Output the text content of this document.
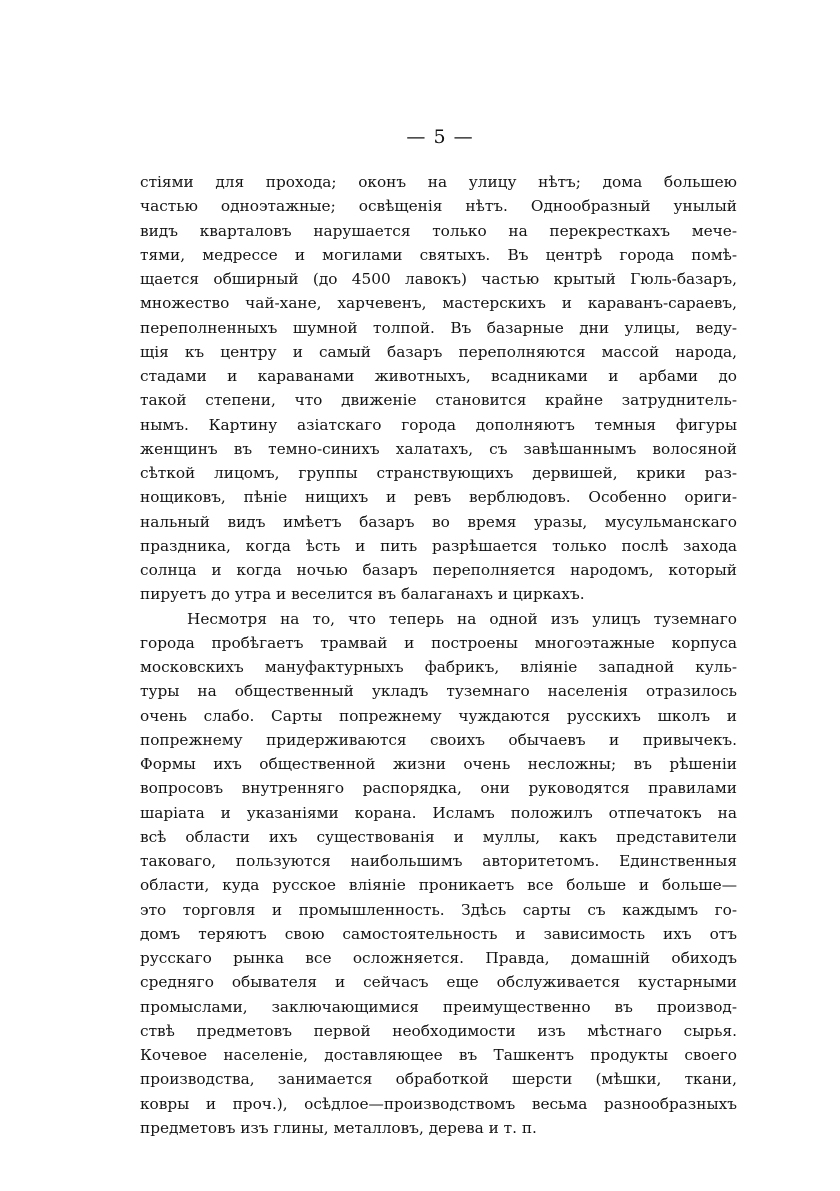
— 5 —
стіями для прохода; оконъ на улицу нѣтъ; дома большею
частью одноэтажные; освѣщенія нѣтъ. Однообразный унылый
видъ кварталовъ нарушается только на перекресткахъ мече-
тями, медрессе и могилами святыхъ. Въ центрѣ города помѣ-
щается обширный (до 4500 лавокъ) частью крытый Гюль-базаръ,
множество чай-хане, харчевенъ, мастерскихъ и караванъ-сараевъ,
переполненныхъ шумной толпой. Въ базарные дни улицы, веду-
щія къ центру и самый базаръ переполняются массой народа,
стадами и караванами животныхъ, всадниками и арбами до
такой степени, что движеніе становится крайне затруднитель-
нымъ. Картину азіатскаго города дополняютъ темныя фигуры
женщинъ въ темно-синихъ халатахъ, съ завѣшаннымъ волосяной
сѣткой лицомъ, группы странствующихъ дервишей, крики раз-
нощиковъ, пѣніе нищихъ и ревъ верблюдовъ. Особенно ориги-
нальный видъ имѣетъ базаръ во время уразы, мусульманскаго
праздника, когда ѣсть и пить разрѣшается только послѣ захода
солнца и когда ночью базаръ переполняется народомъ, который
пируетъ до утра и веселится въ балаганахъ и циркахъ.
Несмотря на то, что теперь на одной изъ улицъ туземнаго
города пробѣгаетъ трамвай и построены многоэтажные корпуса
московскихъ мануфактурныхъ фабрикъ, вліяніе западной куль-
туры на общественный укладъ туземнаго населенія отразилось
очень слабо. Сарты попрежнему чуждаются русскихъ школъ и
попрежнему придерживаются своихъ обычаевъ и привычекъ.
Формы ихъ общественной жизни очень несложны; въ рѣшеніи
вопросовъ внутренняго распорядка, они руководятся правилами
шаріата и указаніями корана. Исламъ положилъ отпечатокъ на
всѣ области ихъ существованія и муллы, какъ представители
таковаго, пользуются наибольшимъ авторитетомъ. Единственныя
области, куда русское вліяніе проникаетъ все больше и больше—
это торговля и промышленность. Здѣсь сарты съ каждымъ го-
домъ теряютъ свою самостоятельность и зависимость ихъ отъ
русскаго рынка все осложняется. Правда, домашній обиходъ
средняго обывателя и сейчасъ еще обслуживается кустарными
промыслами, заключающимися преимущественно въ производ-
ствѣ предметовъ первой необходимости изъ мѣстнаго сырья.
Кочевое населеніе, доставляющее въ Ташкентъ продукты своего
производства, занимается обработкой шерсти (мѣшки, ткани,
ковры и проч.), осѣдлое—производствомъ весьма разнообразныхъ
предметовъ изъ глины, металловъ, дерева и т. п.
